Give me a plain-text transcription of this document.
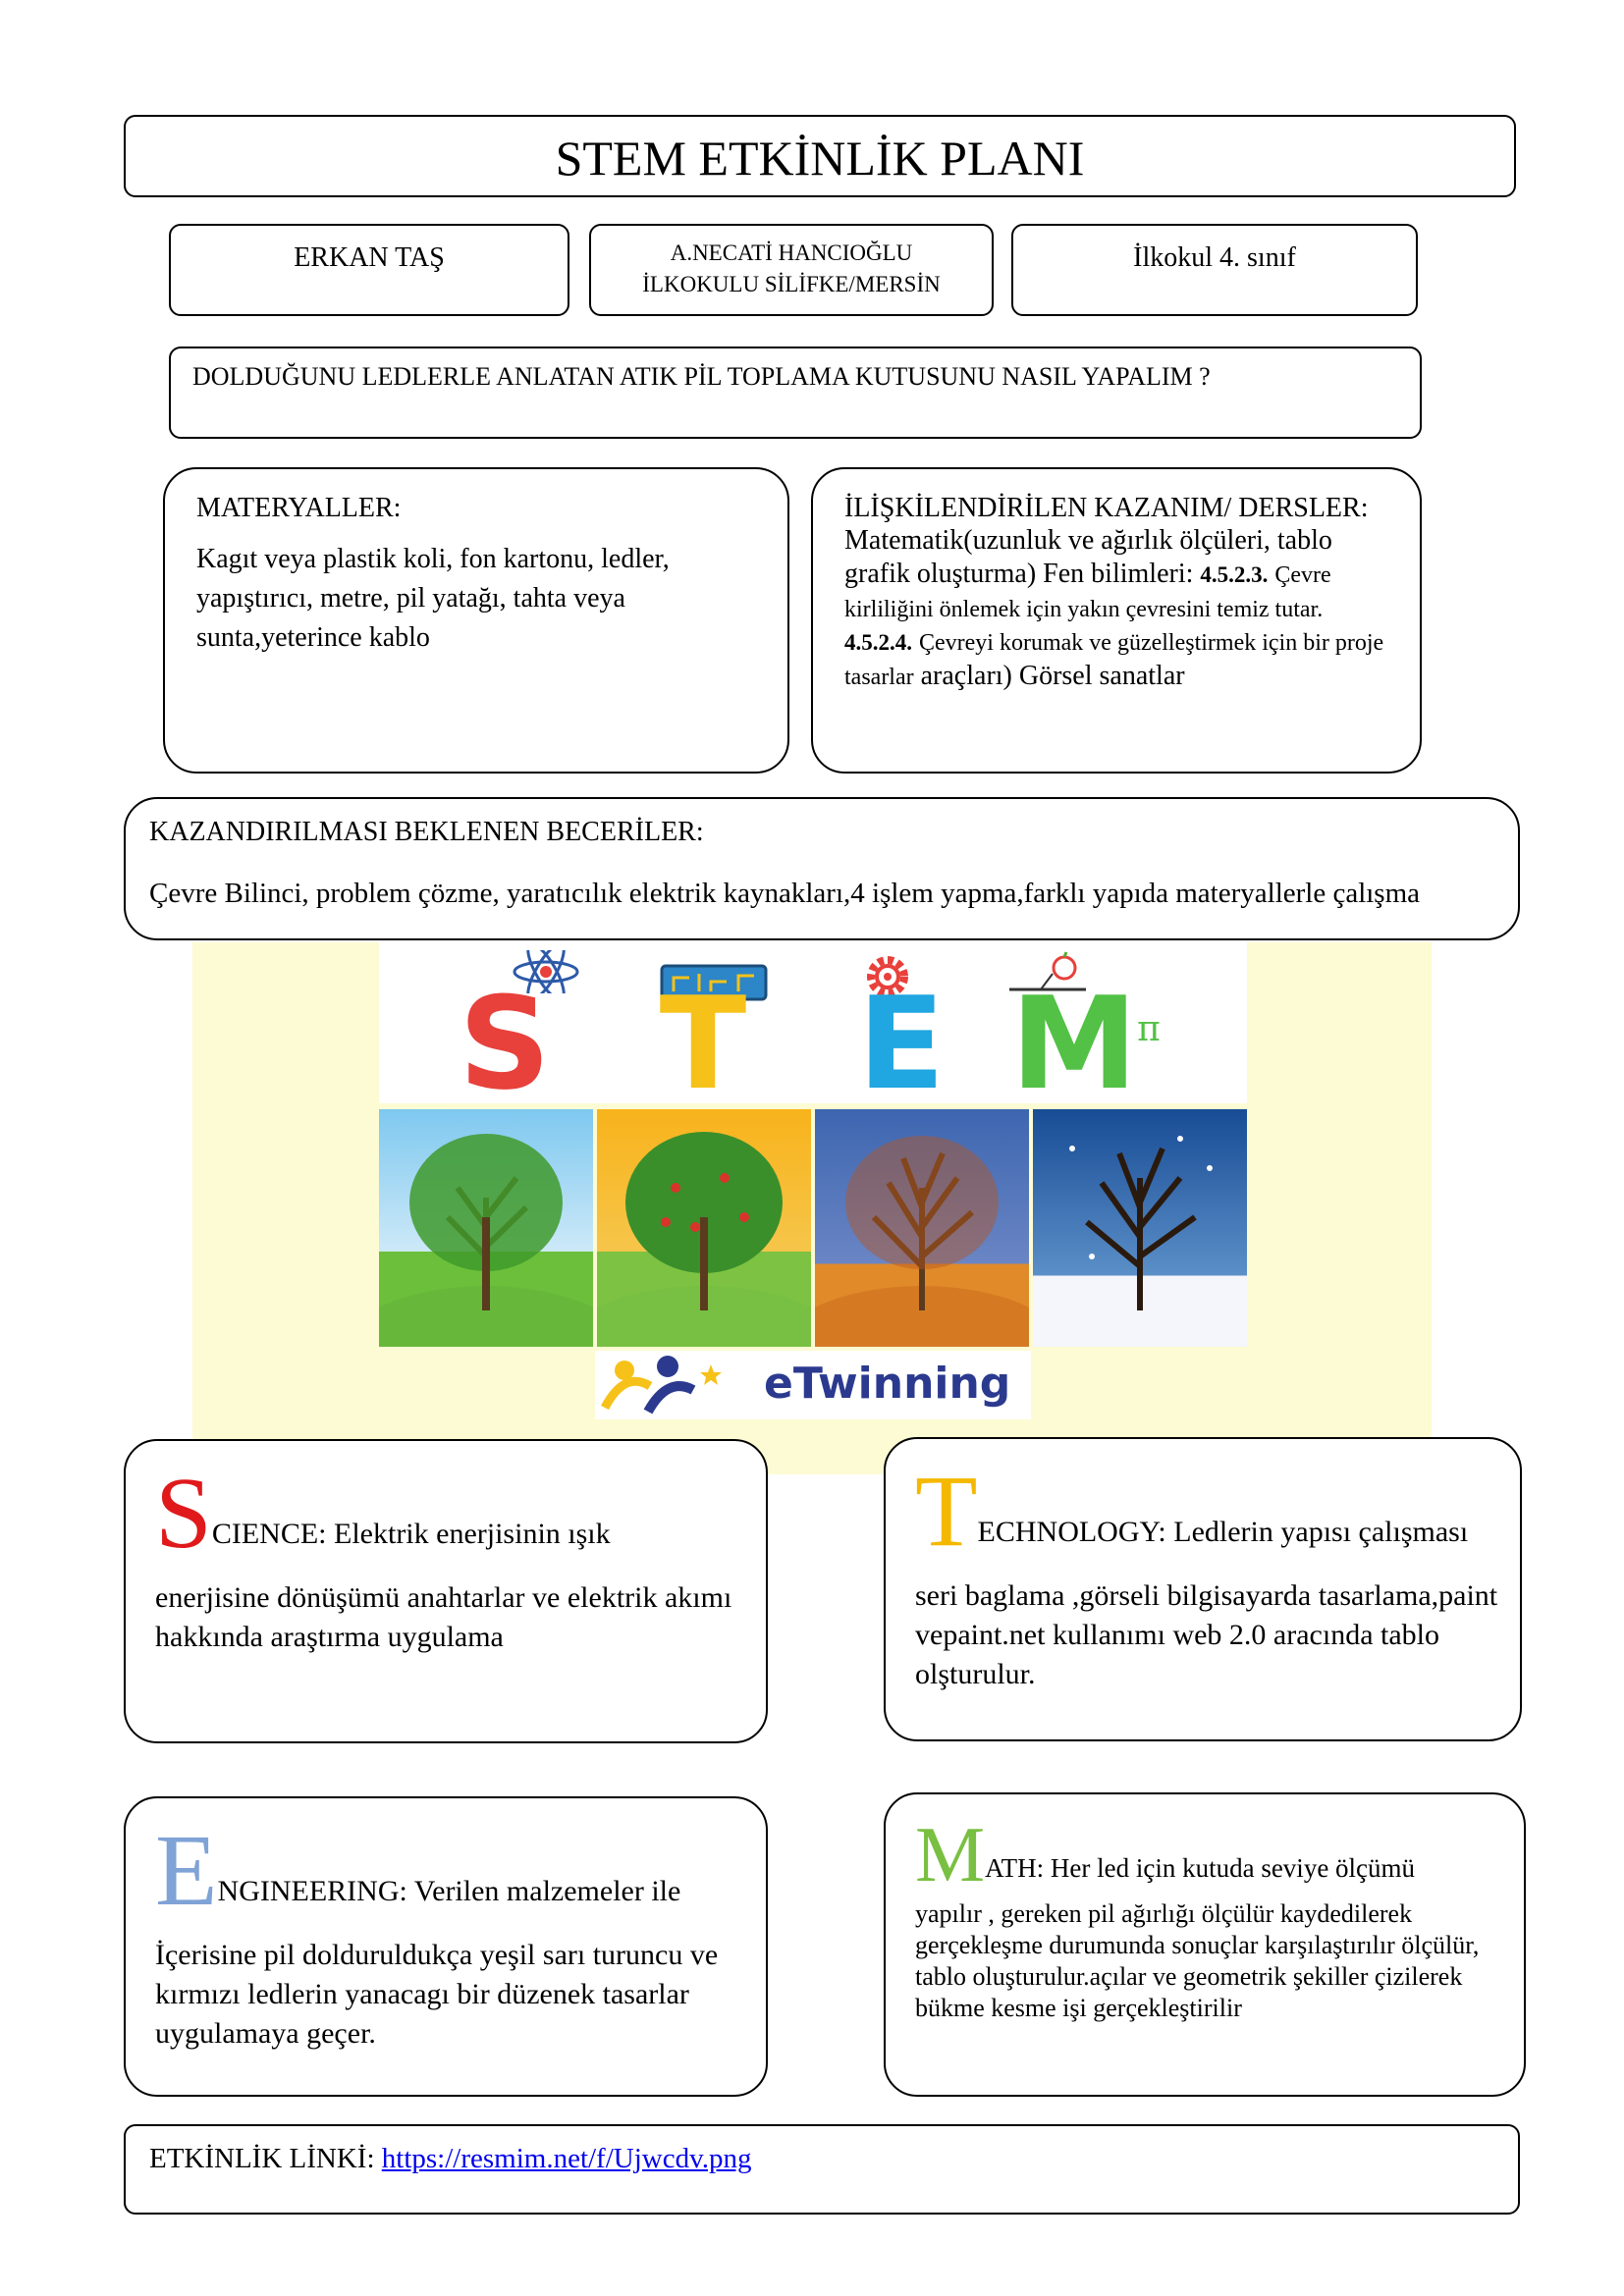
STEM ETKİNLİK PLANI
ERKAN TAŞ	A.NECATİ HANCIOĞLU
İLKOKULU SİLİFKE/MERSİN
İlkokul 4. sınıf
DOLDUĞUNU LEDLERLE ANLATAN ATIK PİL TOPLAMA KUTUSUNU NASIL YAPALIM ?
MATERYALLER:
Kagıt veya plastik koli, fon kartonu, ledler, yapıştırıcı, metre, pil yatağı, tahta veya sunta,yeterince kablo
İLİŞKİLENDİRİLEN KAZANIM/ DERSLER:
Matematik(uzunluk ve ağırlık ölçüleri, tablo grafik oluşturma) Fen bilimleri: 4.5.2.3. Çevre kirliliğini önlemek için yakın çevresini temiz tutar.
4.5.2.4. Çevreyi korumak ve güzelleştirmek için bir proje tasarlar araçları) Görsel sanatlar
KAZANDIRILMASI BEKLENEN BECERİLER:
Çevre Bilinci, problem çözme, yaratıcılık elektrik kaynakları,4 işlem yapma,farklı yapıda materyallerle çalışma
S T E M π
eTwinning
SCIENCE: Elektrik enerjisinin ışık
enerjisine dönüşümü anahtarlar ve elektrik akımı hakkında araştırma uygulama
TECHNOLOGY: Ledlerin yapısı çalışması
seri baglama ,görseli bilgisayarda tasarlama,paint vepaint.net kullanımı web 2.0 aracında tablo olşturulur.
ENGINEERING: Verilen malzemeler ile
İçerisine pil dolduruldukça yeşil sarı turuncu ve kırmızı ledlerin yanacagı bir düzenek tasarlar uygulamaya geçer.
MATH: Her led için kutuda seviye ölçümü
yapılır , gereken pil ağırlığı ölçülür kaydedilerek gerçekleşme durumunda sonuçlar karşılaştırılır ölçülür, tablo oluşturulur.açılar ve geometrik şekiller çizilerek bükme kesme işi gerçekleştirilir
ETKİNLİK LİNKİ: https://resmim.net/f/Ujwcdv.png
